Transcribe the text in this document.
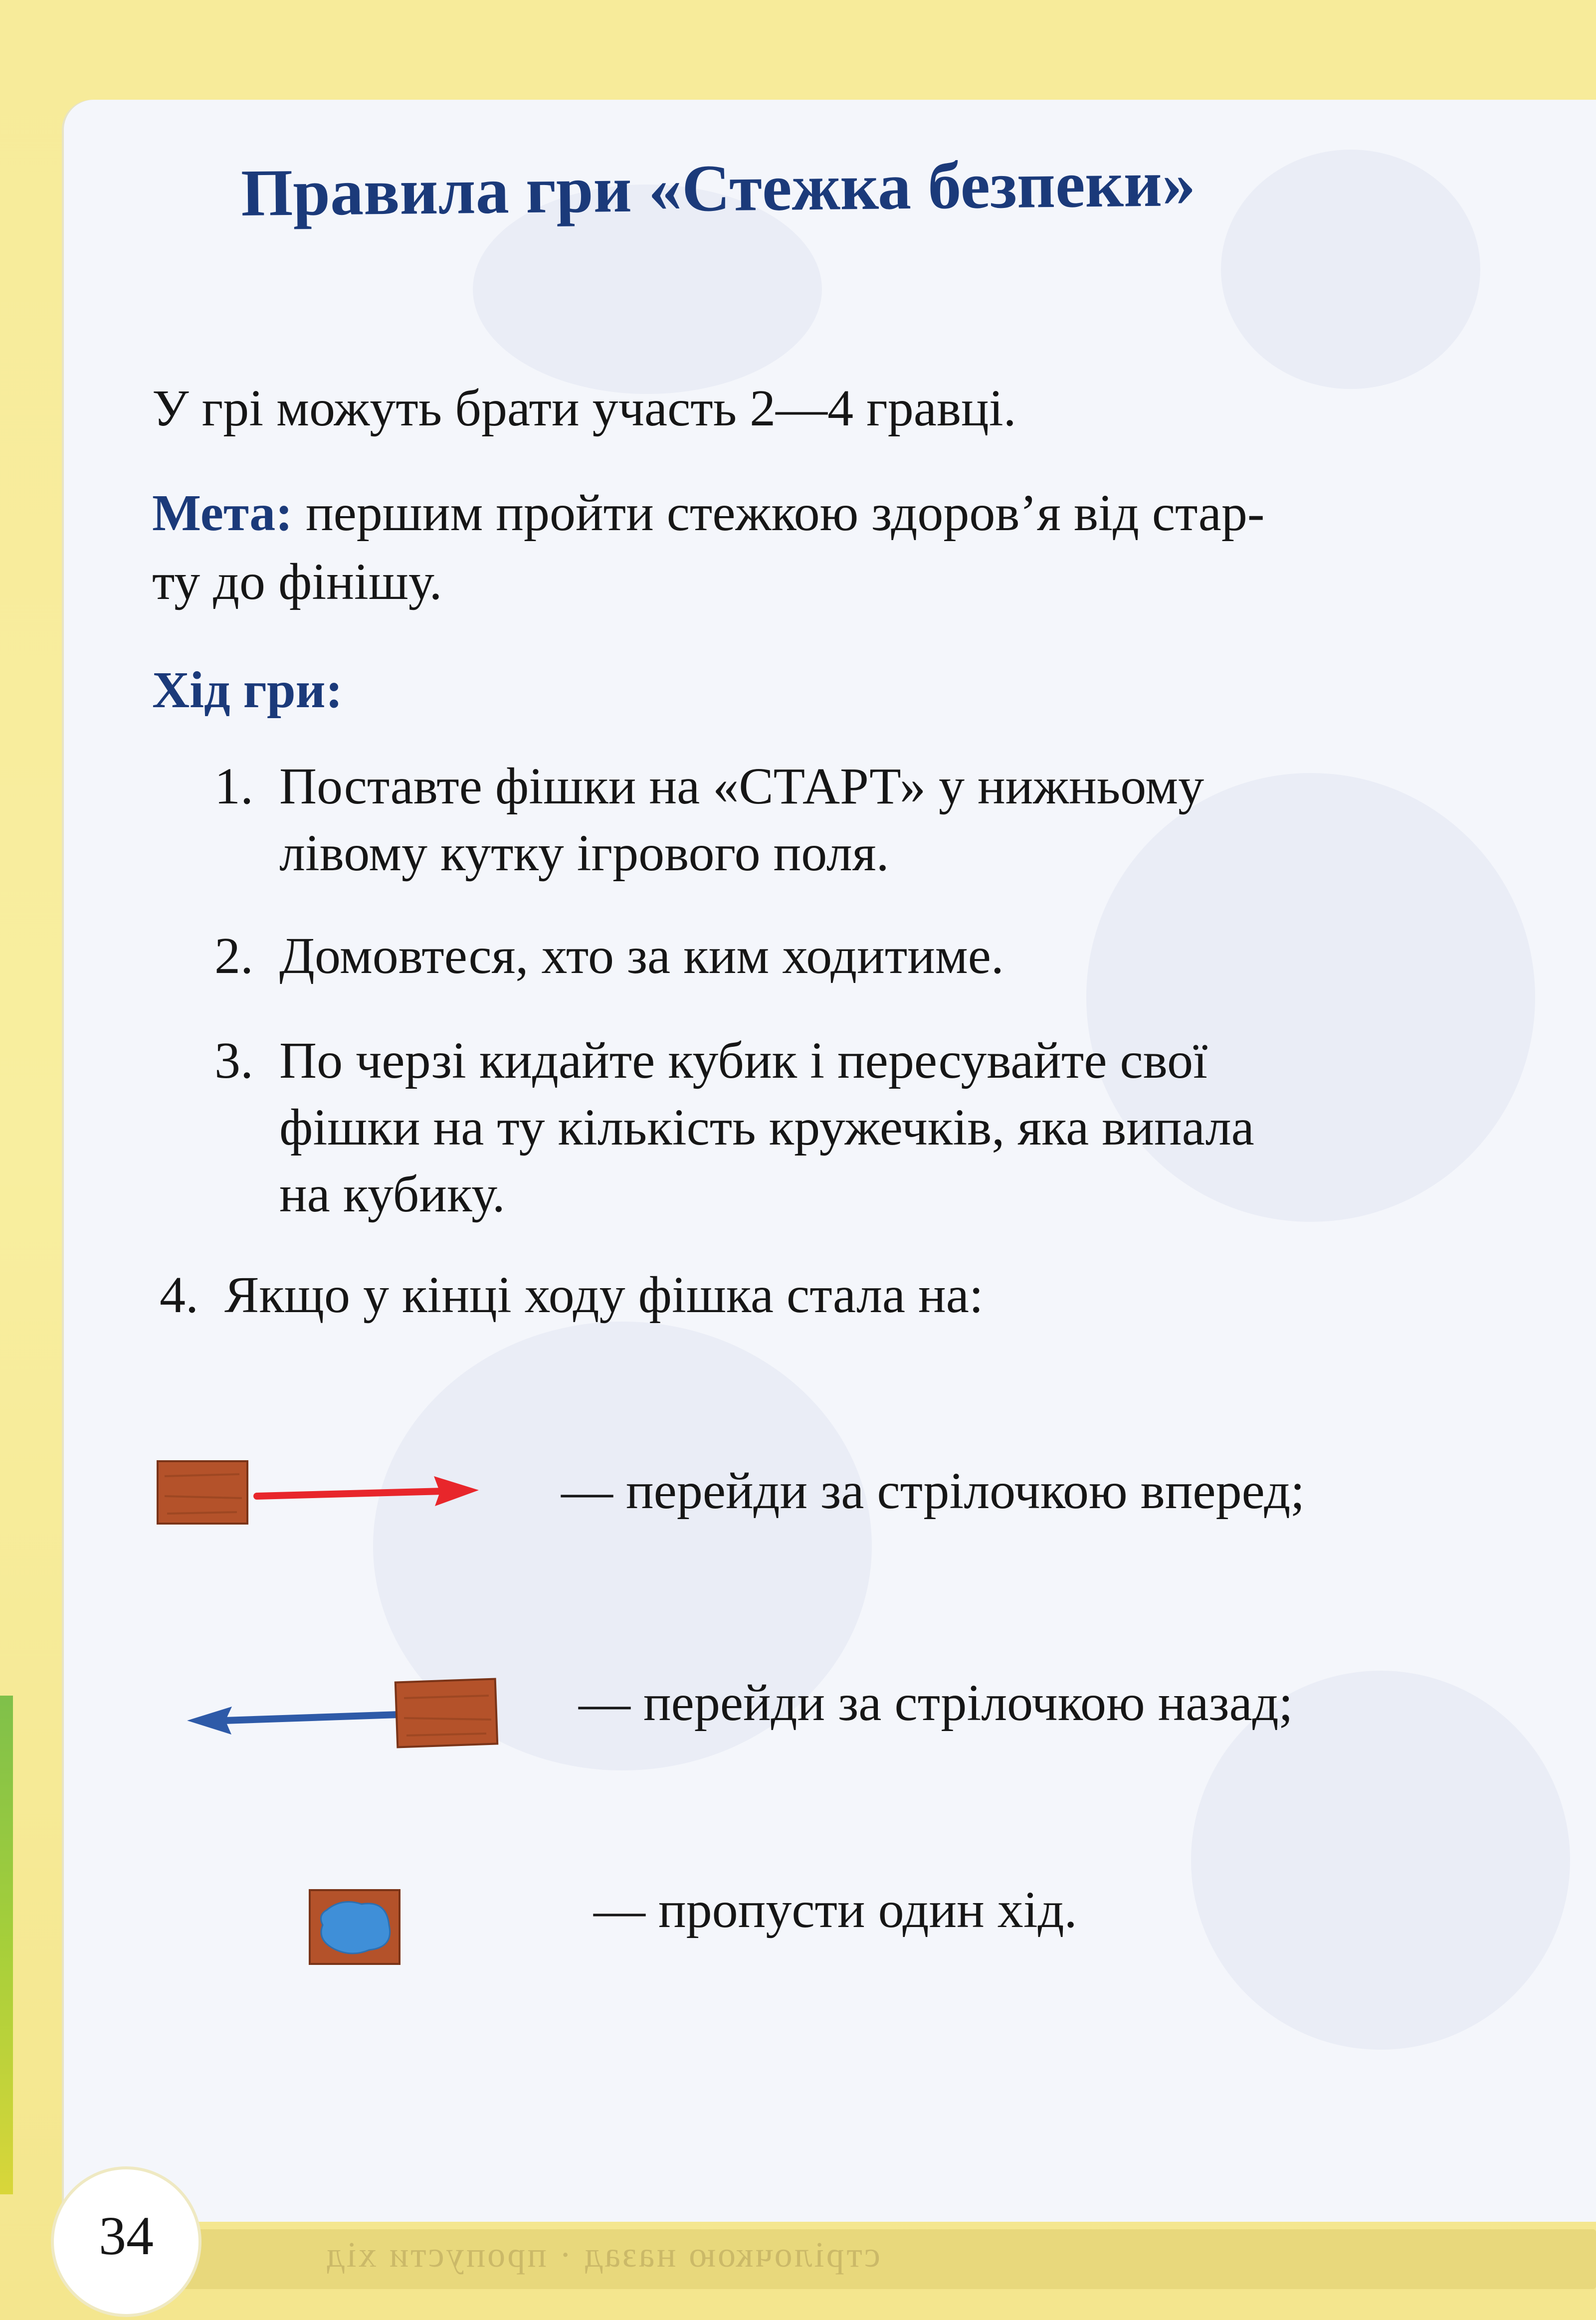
Правила гри «Стежка безпеки»
У грі можуть брати участь 2—4 гравці.
Мета: першим пройти стежкою здоров’я від стар-
ту до фінішу.
Хід гри:
1. Поставте фішки на «СТАРТ» у нижньому
лівому кутку ігрового поля.
2. Домовтеся, хто за ким ходитиме.
3. По черзі кидайте кубик і пересувайте свої
фішки на ту кількість кружечків, яка випала
на кубику.
4. Якщо у кінці ходу фішка стала на:
— перейди за стрілочкою вперед;
— перейди за стрілочкою назад;
— пропусти один хід.
стрілочкою назад · пропусти хід
34
